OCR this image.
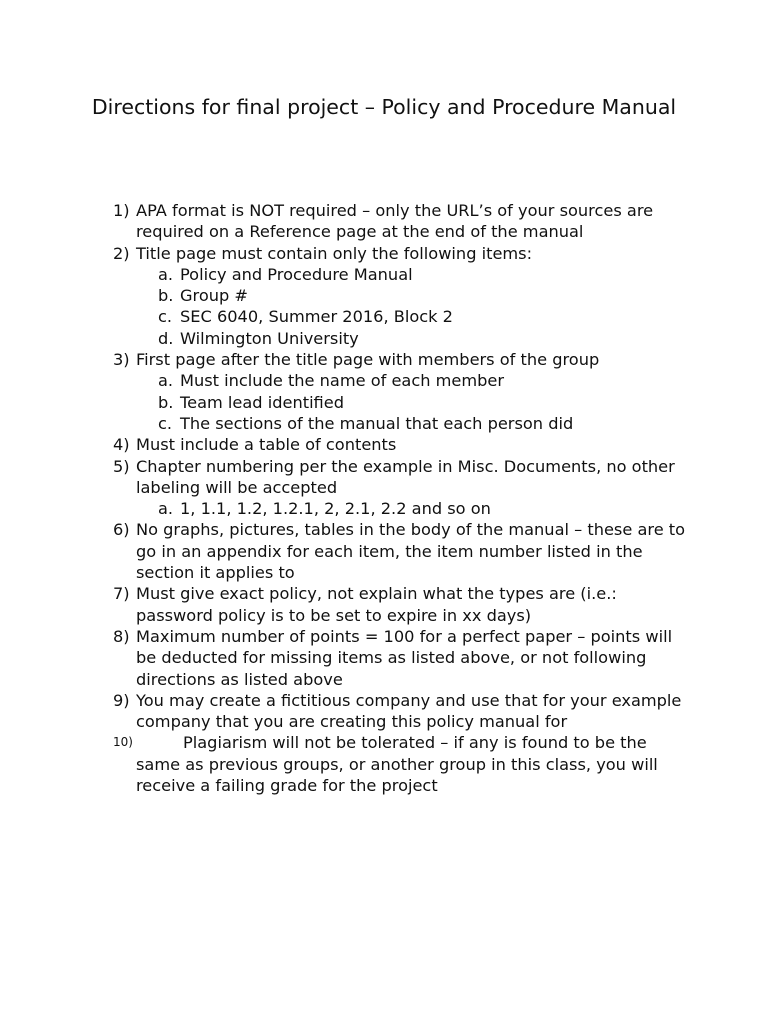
Directions for final project – Policy and Procedure Manual
1) APA format is NOT required – only the URL’s of your sources are required on a Reference page at the end of the manual
2) Title page must contain only the following items:
a. Policy and Procedure Manual
b. Group #
c. SEC 6040, Summer 2016, Block 2
d. Wilmington University
3) First page after the title page with members of the group
a. Must include the name of each member
b. Team lead identified
c. The sections of the manual that each person did
4) Must include a table of contents
5) Chapter numbering per the example in Misc. Documents, no other labeling will be accepted
a. 1, 1.1, 1.2, 1.2.1, 2, 2.1, 2.2 and so on
6) No graphs, pictures, tables in the body of the manual – these are to go in an appendix for each item, the item number listed in the section it applies to
7) Must give exact policy, not explain what the types are (i.e.: password policy is to be set to expire in xx days)
8) Maximum number of points = 100 for a perfect paper – points will be deducted for missing items as listed above, or not following directions as listed above
9) You may create a fictitious company and use that for your example company that you are creating this policy manual for
10)	Plagiarism will not be tolerated – if any is found to be the same as previous groups, or another group in this class, you will receive a failing grade for the project
